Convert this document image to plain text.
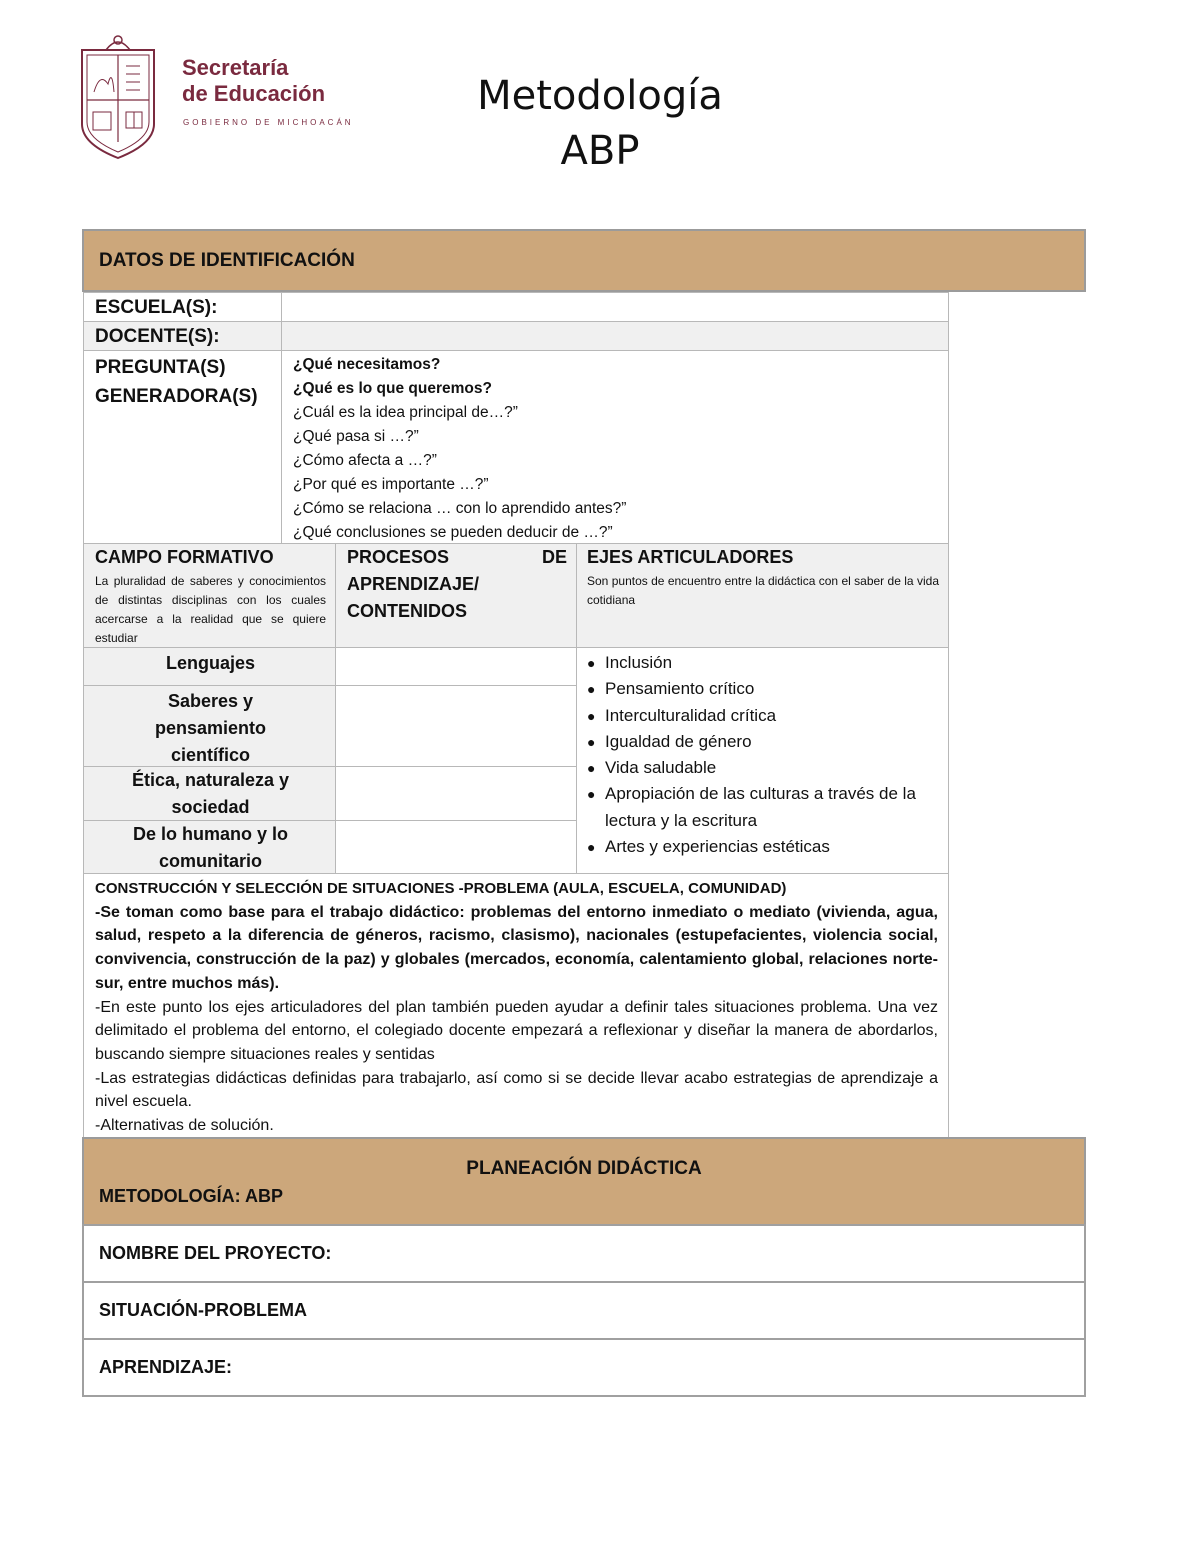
Secretaría
de Educación
GOBIERNO DE MICHOACÁN
Metodología
ABP
DATOS DE IDENTIFICACIÓN
ESCUELA(S):
DOCENTE(S):
PREGUNTA(S)
GENERADORA(S)
¿Qué necesitamos?
¿Qué es lo que queremos?
¿Cuál es la idea principal de…?”
¿Qué pasa si …?”
¿Cómo afecta a …?”
¿Por qué es importante …?”
¿Cómo se relaciona … con lo aprendido antes?”
¿Qué conclusiones se pueden deducir de …?”
CAMPO FORMATIVO
La pluralidad de saberes y conocimientos de distintas disciplinas con los cuales acercarse a la realidad que se quiere estudiar
PROCESOS	DE
APRENDIZAJE/
CONTENIDOS
EJES ARTICULADORES
Son puntos de encuentro entre la didáctica con el saber de la vida cotidiana
Lenguajes
Saberes y pensamiento científico
Ética, naturaleza y sociedad
De lo humano y lo comunitario
● Inclusión
● Pensamiento crítico
● Interculturalidad crítica
● Igualdad de género
● Vida saludable
● Apropiación de las culturas a través de la lectura y la escritura
● Artes y experiencias estéticas
CONSTRUCCIÓN Y SELECCIÓN DE SITUACIONES -PROBLEMA (AULA, ESCUELA, COMUNIDAD)
-Se toman como base para el trabajo didáctico: problemas del entorno inmediato o mediato (vivienda, agua, salud, respeto a la diferencia de géneros, racismo, clasismo), nacionales (estupefacientes, violencia social, convivencia, construcción de la paz) y globales (mercados, economía, calentamiento global, relaciones norte-sur, entre muchos más).
-En este punto los ejes articuladores del plan también pueden ayudar a definir tales situaciones problema. Una vez delimitado el problema del entorno, el colegiado docente empezará a reflexionar y diseñar la manera de abordarlos, buscando siempre situaciones reales y sentidas
-Las estrategias didácticas definidas para trabajarlo, así como si se decide llevar acabo estrategias de aprendizaje a nivel escuela.
-Alternativas de solución.
PLANEACIÓN DIDÁCTICA
METODOLOGÍA: ABP
NOMBRE DEL PROYECTO:
SITUACIÓN-PROBLEMA
APRENDIZAJE:
